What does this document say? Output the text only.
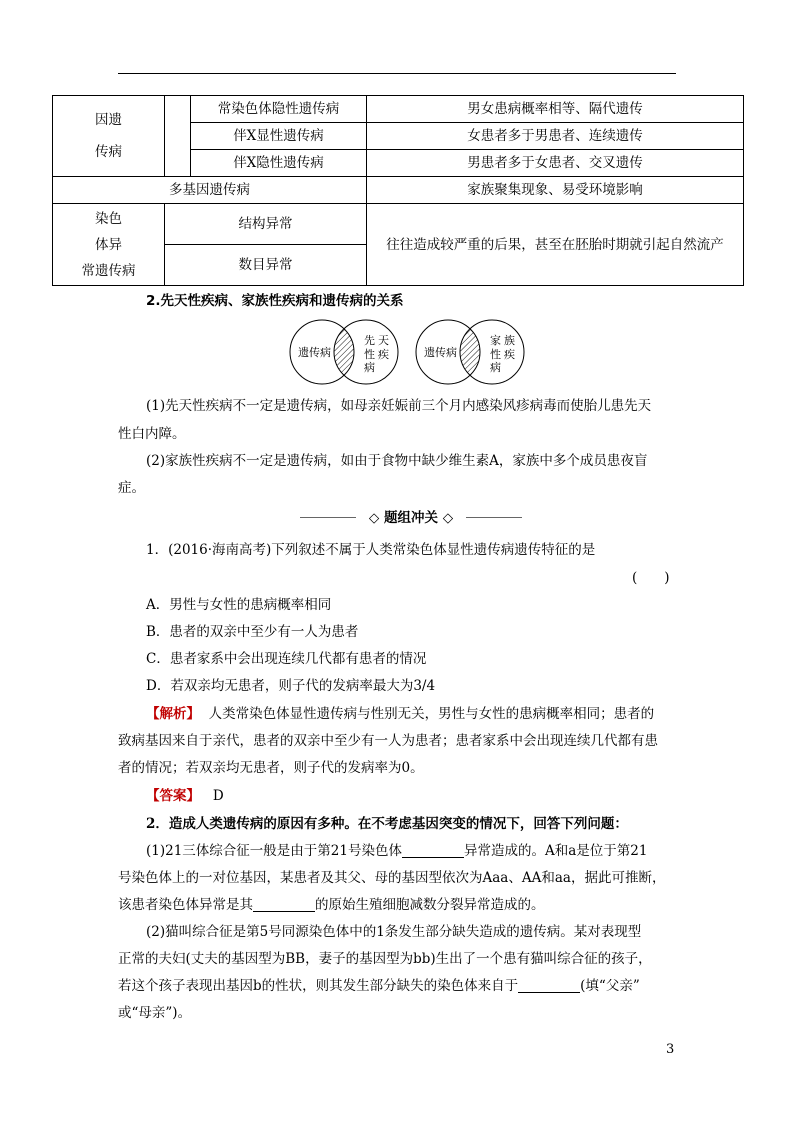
因遗
传病		常染色体隐性遗传病	男女患病概率相等、隔代遗传
		伴X显性遗传病	女患者多于男患者、连续遗传
		伴X隐性遗传病	男患者多于女患者、交叉遗传
多基因遗传病			家族聚集现象、易受环境影响

染色
体异
常遗传病	结构异常		往往造成较严重的后果，甚至在胚胎时期就引起自然流产
	数目异常		
2.先天性疾病、家族性疾病和遗传病的关系
遗传病
先
性
天
疾
病
遗传病
家
性
族
疾
病
(1)先天性疾病不一定是遗传病，如母亲妊娠前三个月内感染风疹病毒而使胎儿患先天
性白内障。
(2)家族性疾病不一定是遗传病，如由于食物中缺少维生素A，家族中多个成员患夜盲
症。
◇ 题组冲关 ◇
1．(2016·海南高考)下列叙述不属于人类常染色体显性遗传病遗传特征的是
(　　)
A．男性与女性的患病概率相同
B．患者的双亲中至少有一人为患者
C．患者家系中会出现连续几代都有患者的情况
D．若双亲均无患者，则子代的发病率最大为3/4
【解析】 人类常染色体显性遗传病与性别无关，男性与女性的患病概率相同；患者的
致病基因来自于亲代，患者的双亲中至少有一人为患者；患者家系中会出现连续几代都有患
者的情况；若双亲均无患者，则子代的发病率为0。
【答案】 D
2．造成人类遗传病的原因有多种。在不考虑基因突变的情况下，回答下列问题：
(1)21三体综合征一般是由于第21号染色体	异常造成的。A和a是位于第21
号染色体上的一对位基因，某患者及其父、母的基因型依次为Aaa、AA和aa，据此可推断，
该患者染色体异常是其	的原始生殖细胞减数分裂异常造成的。
(2)猫叫综合征是第5号同源染色体中的1条发生部分缺失造成的遗传病。某对表现型
正常的夫妇(丈夫的基因型为BB，妻子的基因型为bb)生出了一个患有猫叫综合征的孩子，
若这个孩子表现出基因b的性状，则其发生部分缺失的染色体来自于	(填“父亲”
或“母亲”)。
3
